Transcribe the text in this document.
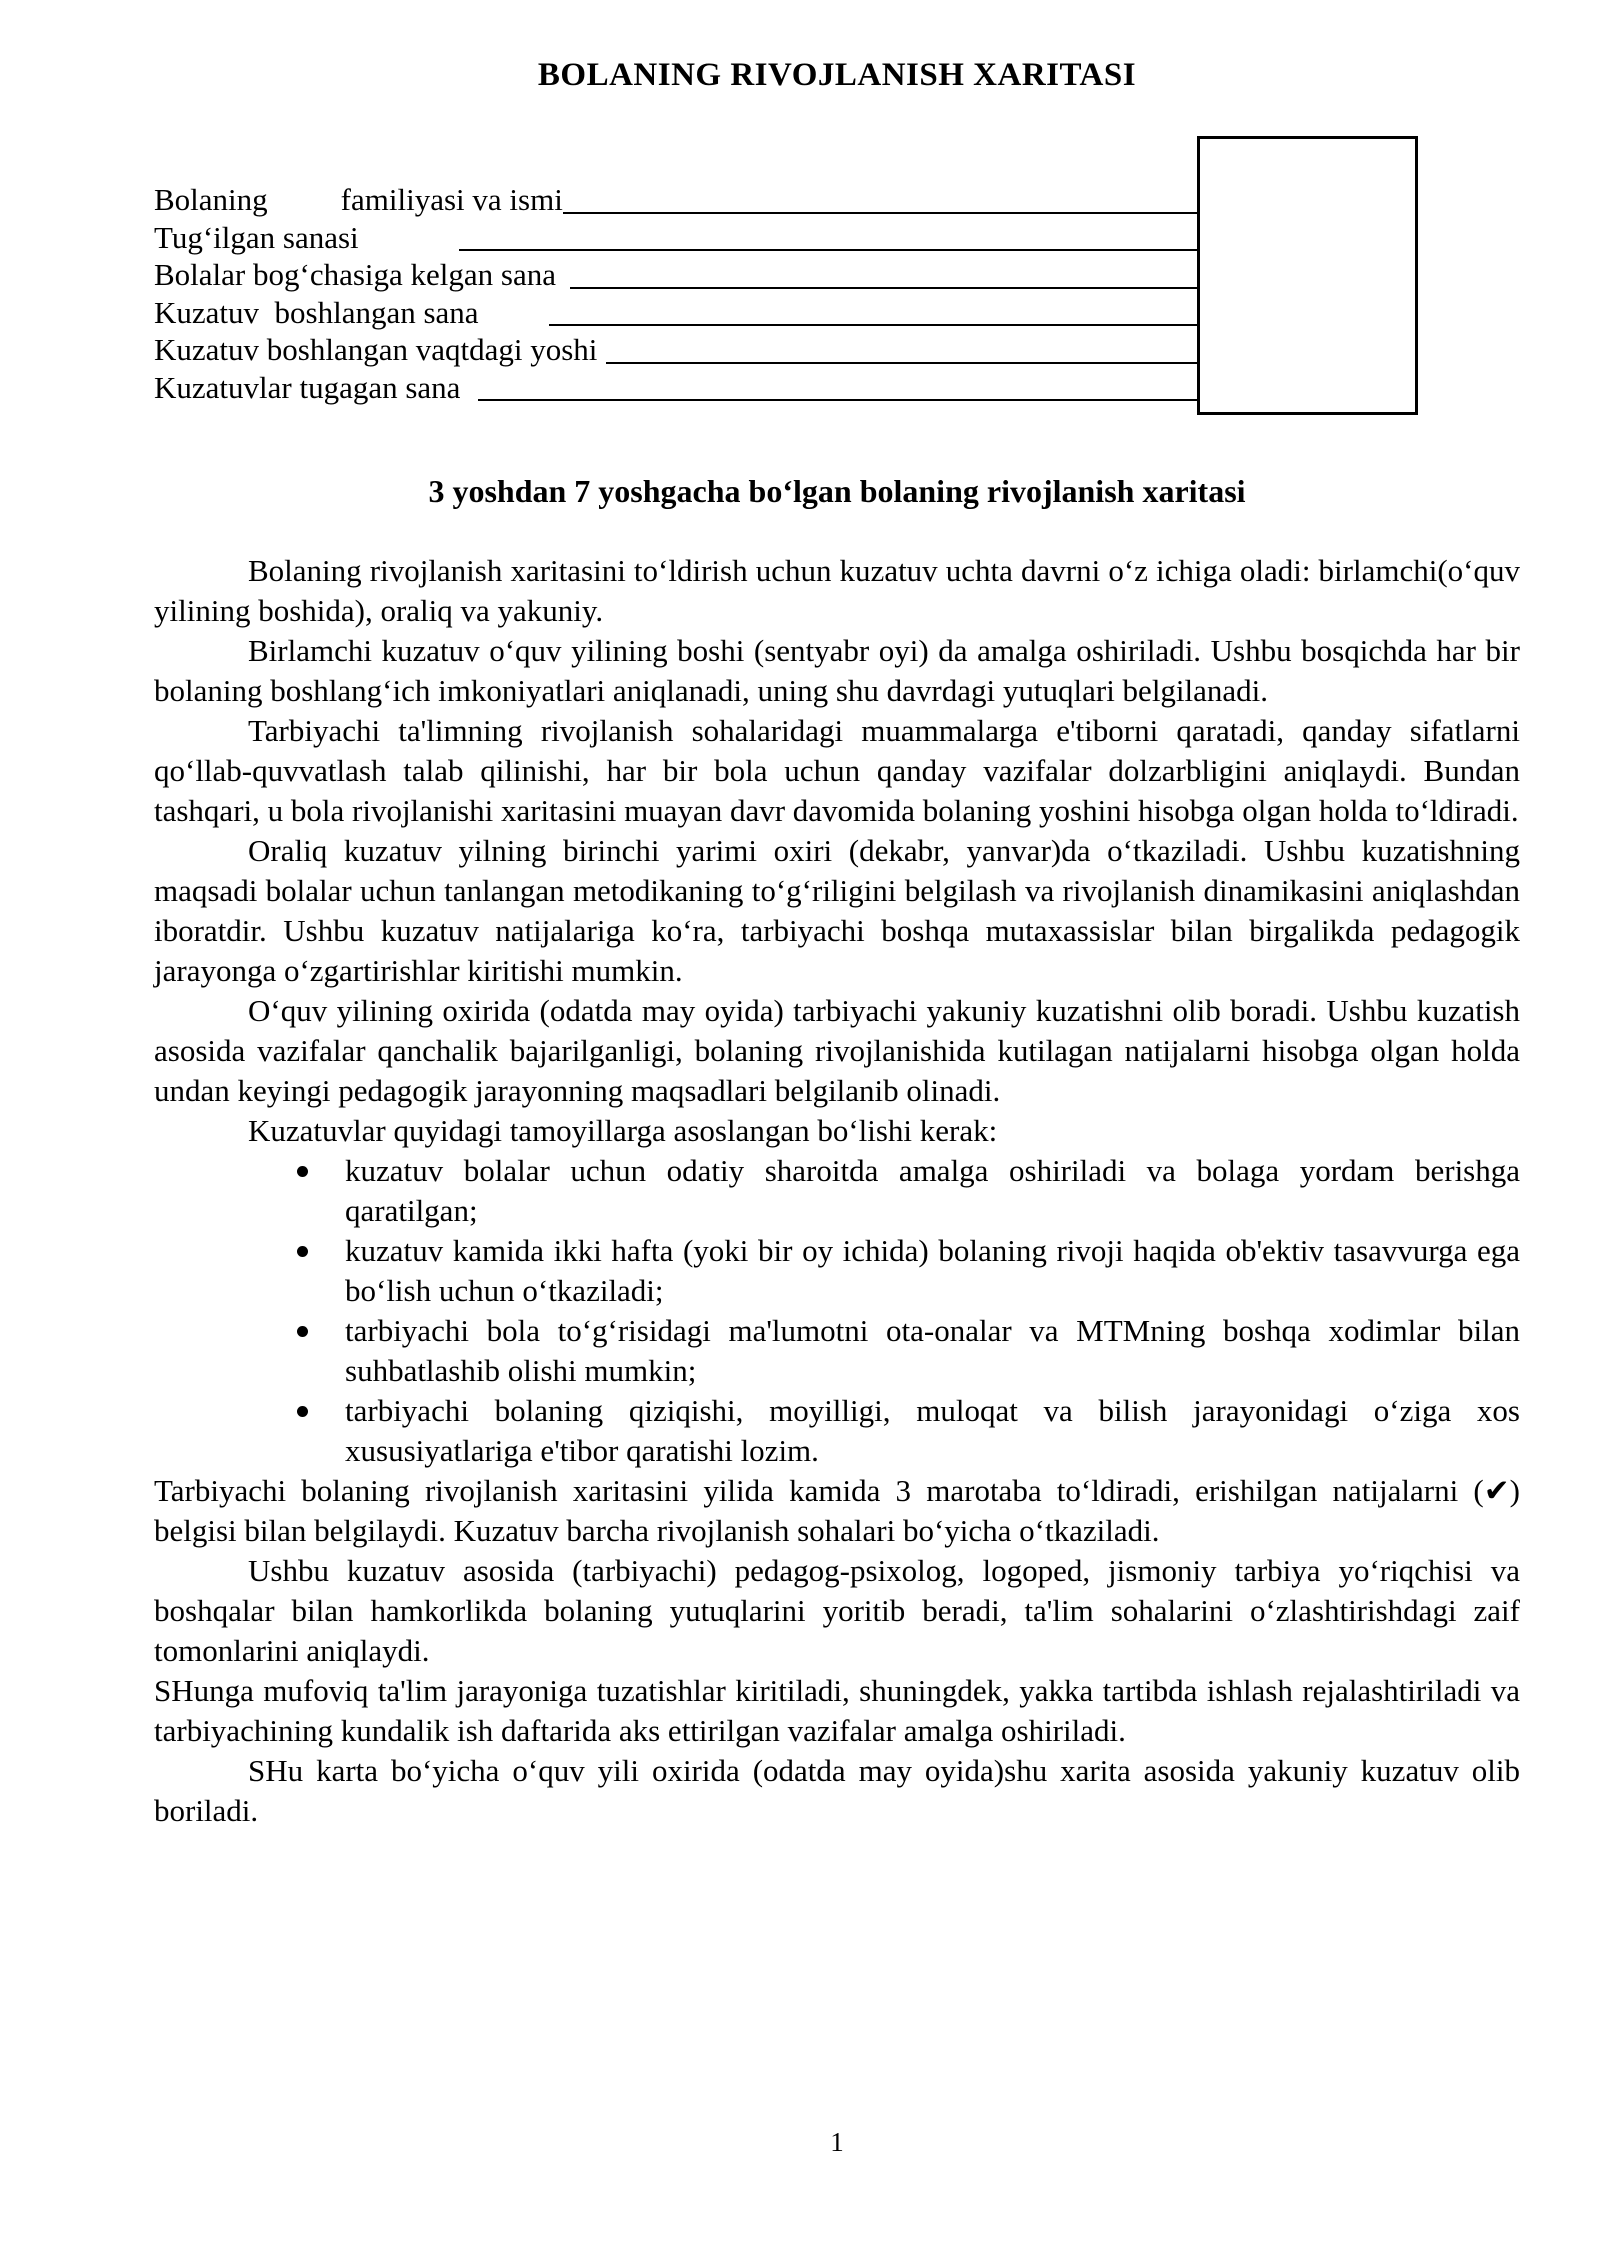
BOLANING RIVOJLANISH XARITASI
Bolaning familiyasi va ismi
Tug‘ilgan sanasi
Bolalar bog‘chasiga kelgan sana
Kuzatuv  boshlangan sana
Kuzatuv boshlangan vaqtdagi yoshi
Kuzatuvlar tugagan sana
3 yoshdan 7 yoshgacha bo‘lgan bolaning rivojlanish xaritasi

Bolaning rivojlanish xaritasini to‘ldirish uchun kuzatuv uchta davrni o‘z ichiga oladi: birlamchi(o‘quv yilining boshida), oraliq va yakuniy.

Birlamchi kuzatuv o‘quv yilining boshi (sentyabr oyi) da amalga oshiriladi. Ushbu bosqichda har bir bolaning boshlang‘ich imkoniyatlari aniqlanadi, uning shu davrdagi yutuqlari belgilanadi.

Tarbiyachi ta'limning rivojlanish sohalaridagi muammalarga e'tiborni qaratadi, qanday sifatlarni qo‘llab-quvvatlash talab qilinishi, har bir bola uchun qanday vazifalar dolzarbligini aniqlaydi. Bundan tashqari, u bola rivojlanishi xaritasini muayan davr davomida bolaning yoshini hisobga olgan holda to‘ldiradi.

Oraliq kuzatuv yilning birinchi yarimi oxiri (dekabr, yanvar)da o‘tkaziladi. Ushbu kuzatishning maqsadi bolalar uchun tanlangan metodikaning to‘g‘riligini belgilash va rivojlanish dinamikasini aniqlashdan iboratdir. Ushbu kuzatuv natijalariga ko‘ra, tarbiyachi boshqa mutaxassislar bilan birgalikda pedagogik jarayonga o‘zgartirishlar kiritishi mumkin.

O‘quv yilining oxirida (odatda may oyida) tarbiyachi yakuniy kuzatishni olib boradi. Ushbu kuzatish asosida vazifalar qanchalik bajarilganligi, bolaning rivojlanishida kutilagan natijalarni hisobga olgan holda undan keyingi pedagogik jarayonning maqsadlari belgilanib olinadi.

Kuzatuvlar quyidagi tamoyillarga asoslangan bo‘lishi kerak:

kuzatuv bolalar uchun odatiy sharoitda amalga oshiriladi va bolaga yordam berishga qaratilgan;
kuzatuv kamida ikki hafta (yoki bir oy ichida) bolaning rivoji haqida ob'ektiv tasavvurga ega bo‘lish uchun o‘tkaziladi;
tarbiyachi bola to‘g‘risidagi ma'lumotni ota-onalar va MTMning boshqa xodimlar bilan suhbatlashib olishi mumkin;
tarbiyachi bolaning qiziqishi, moyilligi, muloqat va bilish jarayonidagi o‘ziga xos xususiyatlariga e'tibor qaratishi lozim.

Tarbiyachi bolaning rivojlanish xaritasini yilida kamida 3 marotaba to‘ldiradi, erishilgan natijalarni (✔) belgisi bilan belgilaydi. Kuzatuv barcha rivojlanish sohalari bo‘yicha o‘tkaziladi.

Ushbu kuzatuv asosida (tarbiyachi) pedagog-psixolog, logoped, jismoniy tarbiya yo‘riqchisi va boshqalar bilan hamkorlikda bolaning yutuqlarini yoritib beradi, ta'lim sohalarini o‘zlashtirishdagi zaif tomonlarini aniqlaydi.

SHunga mufoviq ta'lim jarayoniga tuzatishlar kiritiladi, shuningdek, yakka tartibda ishlash rejalashtiriladi va tarbiyachining kundalik ish daftarida aks ettirilgan vazifalar amalga oshiriladi.

SHu karta bo‘yicha o‘quv yili oxirida (odatda may oyida)shu xarita asosida yakuniy kuzatuv olib boriladi.

1
